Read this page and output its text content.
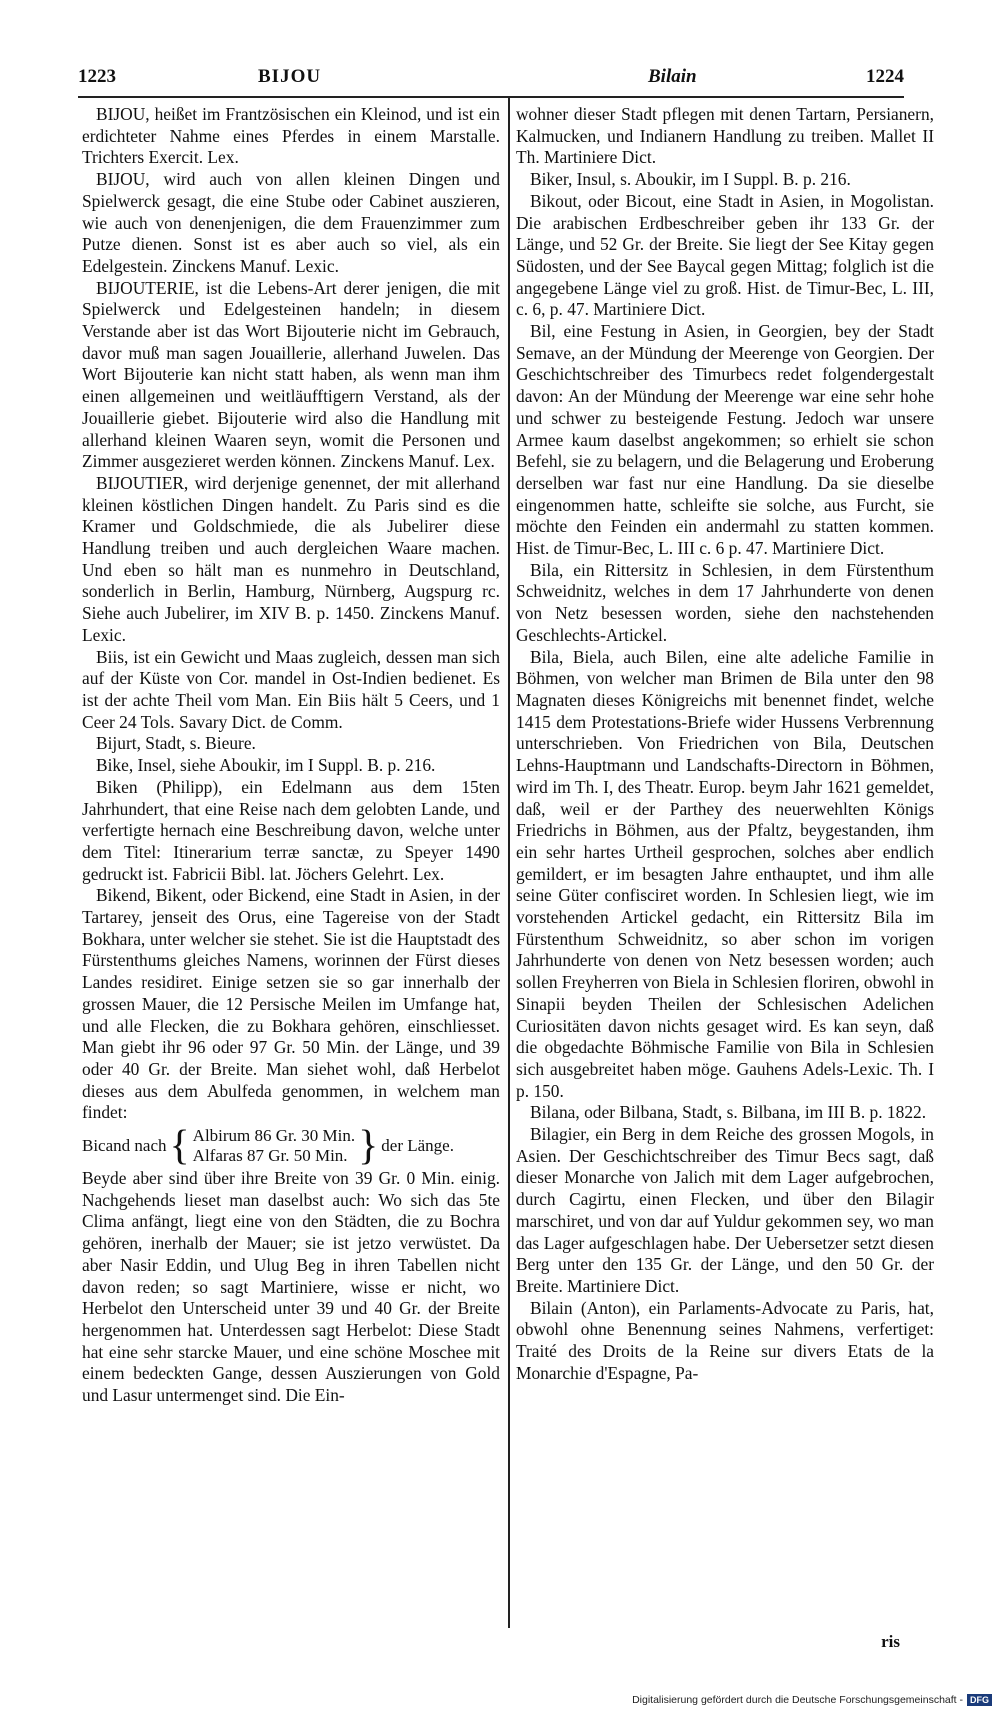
1223	BIJOU	Bilain	1224

BIJOU, heißet im Frantzösischen ein Kleinod, und ist ein erdichteter Nahme eines Pferdes in einem Marstalle. Trichters Exercit. Lex.

BIJOU, wird auch von allen kleinen Dingen und Spielwerck gesagt, die eine Stube oder Cabinet auszieren, wie auch von denenjenigen, die dem Frauenzimmer zum Putze dienen. Sonst ist es aber auch so viel, als ein Edelgestein. Zinckens Manuf. Lexic.

BIJOUTERIE, ist die Lebens-Art derer jenigen, die mit Spielwerck und Edelgesteinen handeln; in diesem Verstande aber ist das Wort Bijouterie nicht im Gebrauch, davor muß man sagen Jouaillerie, allerhand Juwelen. Das Wort Bijouterie kan nicht statt haben, als wenn man ihm einen allgemeinen und weitläufftigern Verstand, als der Jouaillerie giebet. Bijouterie wird also die Handlung mit allerhand kleinen Waaren seyn, womit die Personen und Zimmer ausgezieret werden können. Zinckens Manuf. Lex.

BIJOUTIER, wird derjenige genennet, der mit allerhand kleinen köstlichen Dingen handelt. Zu Paris sind es die Kramer und Goldschmiede, die als Jubelirer diese Handlung treiben und auch dergleichen Waare machen. Und eben so hält man es nunmehro in Deutschland, sonderlich in Berlin, Hamburg, Nürnberg, Augspurg rc. Siehe auch Jubelirer, im XIV B. p. 1450. Zinckens Manuf. Lexic.

Biis, ist ein Gewicht und Maas zugleich, dessen man sich auf der Küste von Cor. mandel in Ost-Indien bedienet. Es ist der achte Theil vom Man. Ein Biis hält 5 Ceers, und 1 Ceer 24 Tols. Savary Dict. de Comm.

Bijurt, Stadt, s. Bieure.

Bike, Insel, siehe Aboukir, im I Suppl. B. p. 216.

Biken (Philipp), ein Edelmann aus dem 15ten Jahrhundert, that eine Reise nach dem gelobten Lande, und verfertigte hernach eine Beschreibung davon, welche unter dem Titel: Itinerarium terræ sanctæ, zu Speyer 1490 gedruckt ist. Fabricii Bibl. lat. Jöchers Gelehrt. Lex.

Bikend, Bikent, oder Bickend, eine Stadt in Asien, in der Tartarey, jenseit des Orus, eine Tagereise von der Stadt Bokhara, unter welcher sie stehet. Sie ist die Hauptstadt des Fürstenthums gleiches Namens, worinnen der Fürst dieses Landes residiret. Einige setzen sie so gar innerhalb der grossen Mauer, die 12 Persische Meilen im Umfange hat, und alle Flecken, die zu Bokhara gehören, einschliesset. Man giebt ihr 96 oder 97 Gr. 50 Min. der Länge, und 39 oder 40 Gr. der Breite. Man siehet wohl, daß Herbelot dieses aus dem Abulfeda genommen, in welchem man findet:

Bicand nach { Albirum 86 Gr. 30 Min.
Alfaras 87 Gr. 50 Min. } der Länge.

Beyde aber sind über ihre Breite von 39 Gr. 0 Min. einig. Nachgehends lieset man daselbst auch: Wo sich das 5te Clima anfängt, liegt eine von den Städten, die zu Bochra gehören, inerhalb der Mauer; sie ist jetzo verwüstet. Da aber Nasir Eddin, und Ulug Beg in ihren Tabellen nicht davon reden; so sagt Martiniere, wisse er nicht, wo Herbelot den Unterscheid unter 39 und 40 Gr. der Breite hergenommen hat. Unterdessen sagt Herbelot: Diese Stadt hat eine sehr starcke Mauer, und eine schöne Moschee mit einem bedeckten Gange, dessen Auszierungen von Gold und Lasur untermenget sind. Die Ein-

wohner dieser Stadt pflegen mit denen Tartarn, Persianern, Kalmucken, und Indianern Handlung zu treiben. Mallet II Th. Martiniere Dict.

Biker, Insul, s. Aboukir, im I Suppl. B. p. 216.

Bikout, oder Bicout, eine Stadt in Asien, in Mogolistan. Die arabischen Erdbeschreiber geben ihr 133 Gr. der Länge, und 52 Gr. der Breite. Sie liegt der See Kitay gegen Südosten, und der See Baycal gegen Mittag; folglich ist die angegebene Länge viel zu groß. Hist. de Timur-Bec, L. III, c. 6, p. 47. Martiniere Dict.

Bil, eine Festung in Asien, in Georgien, bey der Stadt Semave, an der Mündung der Meerenge von Georgien. Der Geschichtschreiber des Timurbecs redet folgendergestalt davon: An der Mündung der Meerenge war eine sehr hohe und schwer zu besteigende Festung. Jedoch war unsere Armee kaum daselbst angekommen; so erhielt sie schon Befehl, sie zu belagern, und die Belagerung und Eroberung derselben war fast nur eine Handlung. Da sie dieselbe eingenommen hatte, schleifte sie solche, aus Furcht, sie möchte den Feinden ein andermahl zu statten kommen. Hist. de Timur-Bec, L. III c. 6 p. 47. Martiniere Dict.

Bila, ein Rittersitz in Schlesien, in dem Fürstenthum Schweidnitz, welches in dem 17 Jahrhunderte von denen von Netz besessen worden, siehe den nachstehenden Geschlechts-Artickel.

Bila, Biela, auch Bilen, eine alte adeliche Familie in Böhmen, von welcher man Brimen de Bila unter den 98 Magnaten dieses Königreichs mit benennet findet, welche 1415 dem Protestations-Briefe wider Hussens Verbrennung unterschrieben. Von Friedrichen von Bila, Deutschen Lehns-Hauptmann und Landschafts-Directorn in Böhmen, wird im Th. I, des Theatr. Europ. beym Jahr 1621 gemeldet, daß, weil er der Parthey des neuerwehlten Königs Friedrichs in Böhmen, aus der Pfaltz, beygestanden, ihm ein sehr hartes Urtheil gesprochen, solches aber endlich gemildert, er im besagten Jahre enthauptet, und ihm alle seine Güter confisciret worden. In Schlesien liegt, wie im vorstehenden Artickel gedacht, ein Rittersitz Bila im Fürstenthum Schweidnitz, so aber schon im vorigen Jahrhunderte von denen von Netz besessen worden; auch sollen Freyherren von Biela in Schlesien floriren, obwohl in Sinapii beyden Theilen der Schlesischen Adelichen Curiositäten davon nichts gesaget wird. Es kan seyn, daß die obgedachte Böhmische Familie von Bila in Schlesien sich ausgebreitet haben möge. Gauhens Adels-Lexic. Th. I p. 150.

Bilana, oder Bilbana, Stadt, s. Bilbana, im III B. p. 1822.

Bilagier, ein Berg in dem Reiche des grossen Mogols, in Asien. Der Geschichtschreiber des Timur Becs sagt, daß dieser Monarche von Jalich mit dem Lager aufgebrochen, durch Cagirtu, einen Flecken, und über den Bilagir marschiret, und von dar auf Yuldur gekommen sey, wo man das Lager aufgeschlagen habe. Der Uebersetzer setzt diesen Berg unter den 135 Gr. der Länge, und den 50 Gr. der Breite. Martiniere Dict.

Bilain (Anton), ein Parlaments-Advocate zu Paris, hat, obwohl ohne Benennung seines Nahmens, verfertiget: Traité des Droits de la Reine sur divers Etats de la Monarchie d'Espagne, Pa-

ris
Digitalisierung gefördert durch die Deutsche Forschungsgemeinschaft - DFG
